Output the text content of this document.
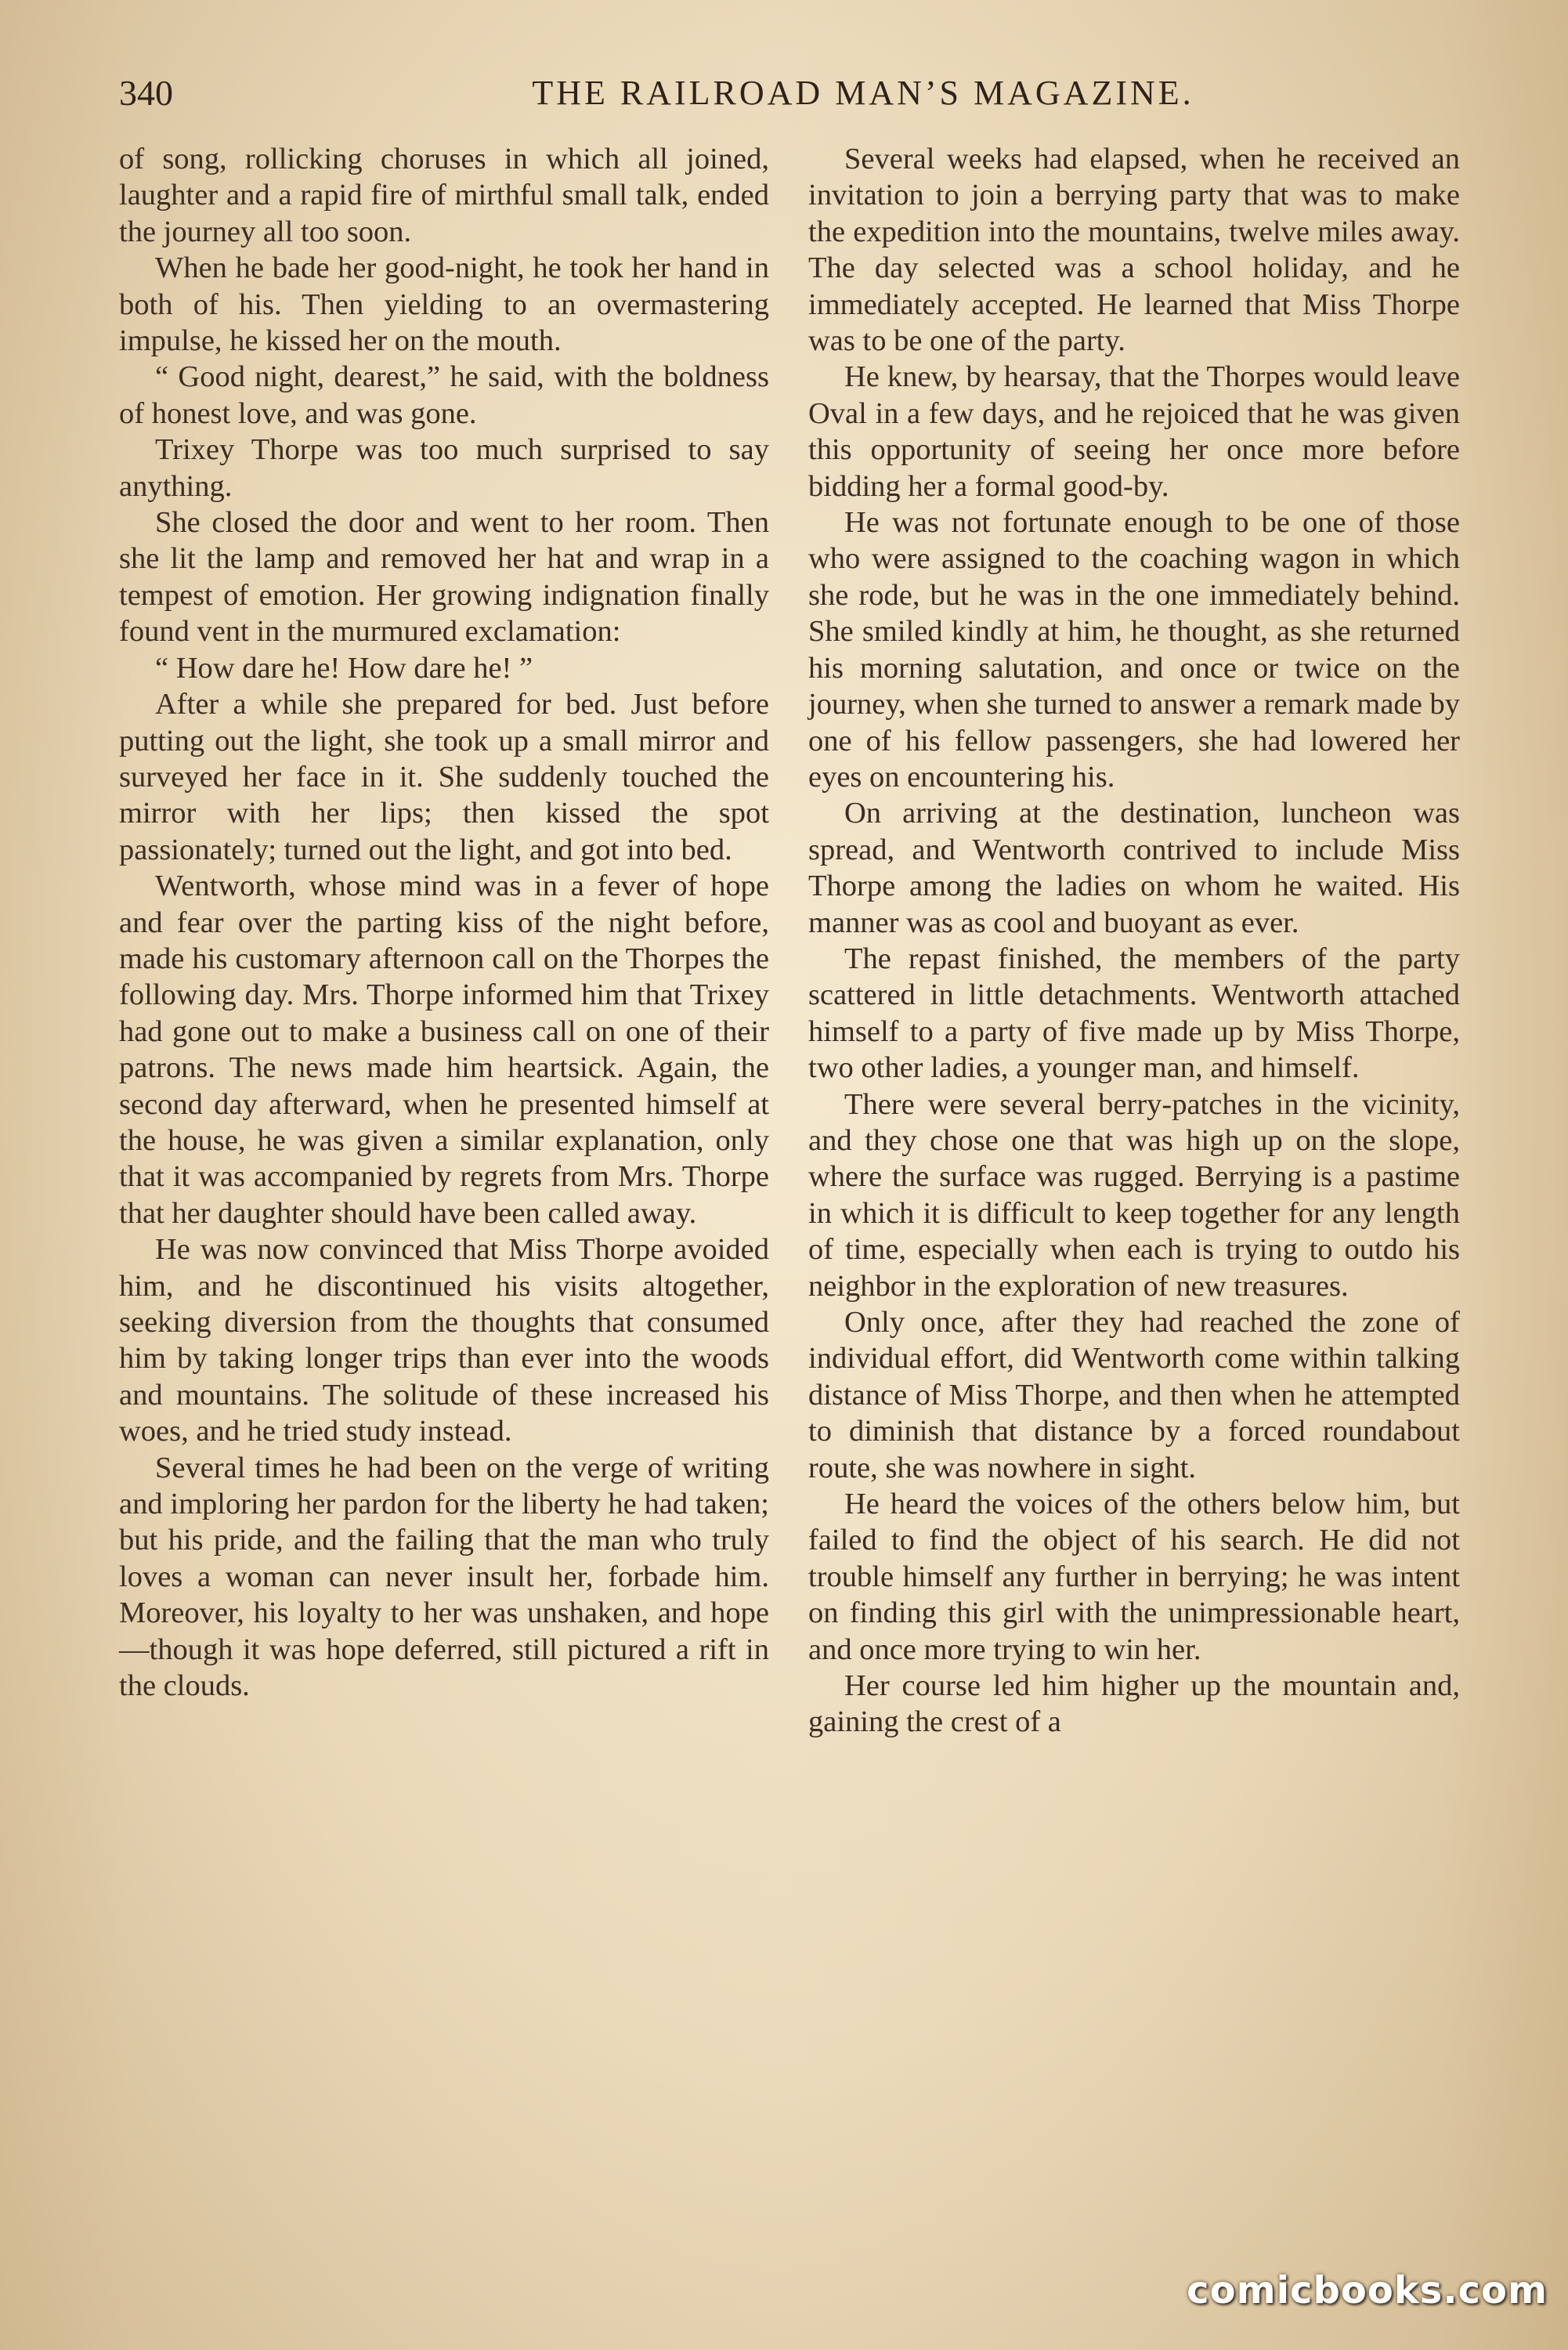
340	THE RAILROAD MAN’S MAGAZINE.

of song, rollicking choruses in which all joined, laughter and a rapid fire of mirthful small talk, ended the journey all too soon.

When he bade her good-night, he took her hand in both of his. Then yielding to an overmastering impulse, he kissed her on the mouth.

“ Good night, dearest,” he said, with the boldness of honest love, and was gone.

Trixey Thorpe was too much surprised to say anything.

She closed the door and went to her room. Then she lit the lamp and removed her hat and wrap in a tempest of emotion. Her growing indignation finally found vent in the murmured exclamation:

“ How dare he! How dare he! ”

After a while she prepared for bed. Just before putting out the light, she took up a small mirror and surveyed her face in it. She suddenly touched the mirror with her lips; then kissed the spot passionately; turned out the light, and got into bed.

Wentworth, whose mind was in a fever of hope and fear over the parting kiss of the night before, made his customary afternoon call on the Thorpes the following day. Mrs. Thorpe informed him that Trixey had gone out to make a business call on one of their patrons. The news made him heartsick. Again, the second day afterward, when he presented himself at the house, he was given a similar explanation, only that it was accompanied by regrets from Mrs. Thorpe that her daughter should have been called away.

He was now convinced that Miss Thorpe avoided him, and he discontinued his visits altogether, seeking diversion from the thoughts that consumed him by taking longer trips than ever into the woods and mountains. The solitude of these increased his woes, and he tried study instead.

Several times he had been on the verge of writing and imploring her pardon for the liberty he had taken; but his pride, and the failing that the man who truly loves a woman can never insult her, forbade him. Moreover, his loyalty to her was unshaken, and hope—though it was hope deferred, still pictured a rift in the clouds.

Several weeks had elapsed, when he received an invitation to join a berrying party that was to make the expedition into the mountains, twelve miles away. The day selected was a school holiday, and he immediately accepted. He learned that Miss Thorpe was to be one of the party.

He knew, by hearsay, that the Thorpes would leave Oval in a few days, and he rejoiced that he was given this opportunity of seeing her once more before bidding her a formal good-by.

He was not fortunate enough to be one of those who were assigned to the coaching wagon in which she rode, but he was in the one immediately behind. She smiled kindly at him, he thought, as she returned his morning salutation, and once or twice on the journey, when she turned to answer a remark made by one of his fellow passengers, she had lowered her eyes on encountering his.

On arriving at the destination, luncheon was spread, and Wentworth contrived to include Miss Thorpe among the ladies on whom he waited. His manner was as cool and buoyant as ever.

The repast finished, the members of the party scattered in little detachments. Wentworth attached himself to a party of five made up by Miss Thorpe, two other ladies, a younger man, and himself.

There were several berry-patches in the vicinity, and they chose one that was high up on the slope, where the surface was rugged. Berrying is a pastime in which it is difficult to keep together for any length of time, especially when each is trying to outdo his neighbor in the exploration of new treasures.

Only once, after they had reached the zone of individual effort, did Wentworth come within talking distance of Miss Thorpe, and then when he attempted to diminish that distance by a forced roundabout route, she was nowhere in sight.

He heard the voices of the others below him, but failed to find the object of his search. He did not trouble himself any further in berrying; he was intent on finding this girl with the unimpressionable heart, and once more trying to win her.

Her course led him higher up the mountain and, gaining the crest of a

comicbooks.com
